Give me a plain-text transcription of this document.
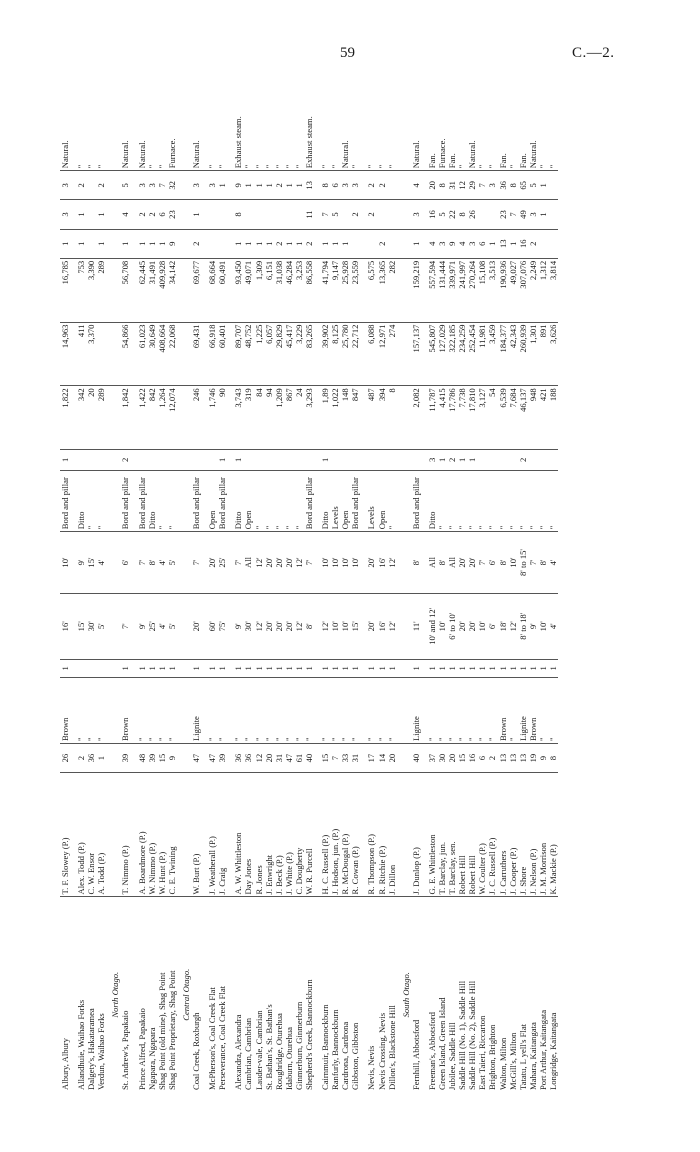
59	C.—2.
Albury, Albury	T. F. Slowey (P.)	26	Brown	1	16'	10'	Bord and pillar	1	1,822	14,963	16,785	1	3	3	Natural.

Allandhuie, Waihao Forks	Alex. Todd (P.)	2	"		15'	9'	Ditto		342	411	753	1	1	2	"
Dalgety's, Hakataramea	C. W. Ensor	36	"		30'	15'	"		20	3,370	3,390				"
Verdun, Waihao Forks	A. Todd (P.)	1	"		5'	4'	"		289		289	1	1	2	"
North Otago.															
St. Andrew's, Papakaio	T. Nimmo (P.)	39	Brown	1	7'	6'	Bord and pillar	2	1,842	54,866	56,708	1	4	5	Natural.

Prince Alfred, Papakaio	A. Boardmore (P.)	48	"	1	9'	7'	Bord and pillar		1,422	61,023	62,445	1	2	3	Natural.
Ngapara, Ngapara	W. Nimmo (P.)	39	"	1	25'	8'	Ditto		842	30,649	31,491	1	2	3	"
Shag Point (old mine), Shag Point	W. Hunt (P.)	15	"	1	4'	4'	"		1,264	408,664	409,928	1	6	7	"
Shag Point Proprietary, Shag Point	C. E. Twining	9	"	1	5'	5'	"		12,074	22,068	34,142	9	23	32	Furnace.
Central Otago.															
Coal Creek, Roxburgh	W. Burt (P.)	47	Lignite	1	20'	7'	Bord and pillar		246	69,431	69,677	2	1	3	Natural.

McPherson's, Coal Creek Flat	J. Weatherall (P.)	47	"	1	60'	20'	Open		1,746	66,918	68,664			3	"
Perseverance, Coal Creek Flat	J. Craig	39	"	1	75'	25'	Bord and pillar	1	90	60,401	60,491			1	"

Alexandra, Alexandra	A. W. Whittleston	36	"	1	9'	7'	Ditto	1	3,743	89,707	93,450	1	8	9	Exhaust steam.
Cambrian, Cambrian	Day Jones	36	"	1	30'	All	Open		319	48,752	49,071	1		1	"
Lauder-vale, Cambrian	R. Jones	12	"	1	12'	12'	"		84	1,225	1,309	1		1	"
St. Bathan's, St. Bathan's	J. Enwright	20	"	1	20'	20'	"		94	6,057	6,151	1		1	"
Roughridge, Oturehua	J. Beck (P.)	31	"	1	20'	20'	"		1,209	29,829	31,038	2		2	"
Idaburn, Oturehua	J. White (P.)	47	"	1	20'	20'	"		867	45,417	46,284	1		1	"
Ginmerburn, Ginmerburn	C. Dougherty	61	"	1	12'	12'	"		24	3,229	3,253	1		1	"
Shepherd's Creek, Bannockburn	W. R. Purcell	40	"	1	8'	7'	Bord and pillar		3,293	83,265	86,558	2	11	13	Exhaust steam.

Cairnmuir, Bannockburn	H. C. Russell (P.)	15	"	1	12'	10'	Ditto	1	1,89	39,902	41,794	1	7	8	"
Ranfurly, Bannockburn	J. Hodson, jun. (P.)	7	"	1	10'	10'	Levels		1,022	8,125	9,147	1	5	6	"
Cardrona, Cardrona	R. McDougal (P.)	33	"	1	10'	10'	Open		148	25,780	25,928	1		3	Natural.
Gibbston, Gibbston	R. Cowan (P.)	31	"	1	15'	10'	Bord and pillar		847	22,712	23,559		2	3	"

Nevis, Nevis	R. Thompson (P.)	17	"	1	20'	20'	Levels		487	6,088	6,575		2	2	"
Nevis Crossing, Nevis	R. Ritchie (P.)	14	"	1	16'	16'	Open		394	12,971	13,365	2		2	"
Dillon's, Blackstone Hill	J. Dillon	20	"	1	12'	12'	"		8	274	282				"
South Otago.															
Fernhill, Abbotsford	J. Dunlop (P.)	40	Lignite	1	11'	8'	Bord and pillar		2,082	157,137	159,219	1	3	4	Natural.

Freeman's, Abbotsford	G. E. Whittleston	37	"	1	10' and 12'	All	Ditto	3	11,787	545,807	557,594	4	16	20	Fan.
Green Island, Green Island	T. Barclay, jun.	30	"	1	10'	8'	"	1	4,415	127,029	131,444	3	5	8	Furnace.
Jubilee, Saddle Hill	T. Barclay, sen.	20	"	1	6' to 10'	All	"	2	17,786	322,185	339,971	9	22	31	Fan.
Saddle Hill (No. 1), Saddle Hill	Robert Hill	15	"	1	20'	20'	"	1	7,738	234,259	241,997	4	8	12	"
Saddle Hill (No. 2), Saddle Hill	Robert Hill	16	"	1	20'	20'	"	1	17,810	252,454	270,264	3	26	29	Natural.
East Taieri, Riccarton	W. Coulter (P.)	6	"	1	10'	7'	"		3,127	11,981	15,108	6		7	"
Brighton, Brighton	J. C. Russell (P.)	2	"	1	6'	6'	"		54	3,459	3,513	1		3	"
Walton, Milton	J. Carruthers	13	Brown	1	18'	8'	"		6,539	184,377	190,936	13	23	36	Fan.
McGill's, Milton	J. Cooper (P.)	13	"	1	12'	10'	"		7,684	42,343	49,027	1	7	8	"
Tatatu, L yell's Flat	J. Shore	13	Lignite	1	8' to 18'	8' to 15'	"	2	46,137	260,939	307,076	16	49	65	Fan.
Mahara, Kaitangata	J. Nelson (P.)	19	Brown	1	9'	7'	"		948	1,301	2,249	2	3	5	Natural.
Port Arthur, Kaitangata	J. M. Morrison	9	"	1	10'	8'	"		421	891	1,312		1	1	"
Longridge, Kaitangata	K. Mackie (P.)	8	"	1	4'	4'	"		188	3,626	3,814				"
